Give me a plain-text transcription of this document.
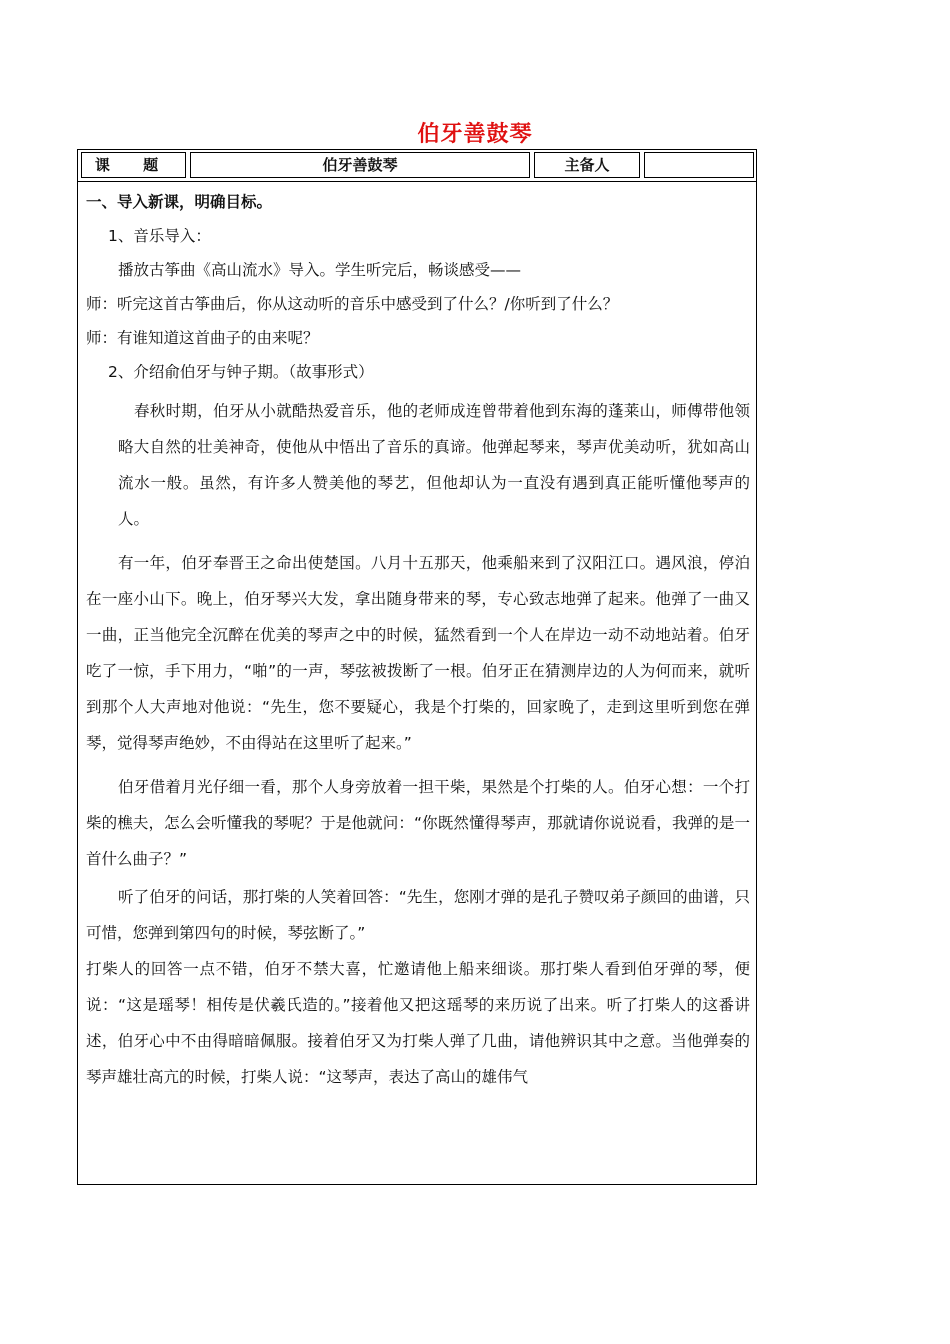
伯牙善鼓琴
课 题	伯牙善鼓琴	主备人
一、导入新课，明确目标。
1、音乐导入：
播放古筝曲《高山流水》导入。学生听完后，畅谈感受——
师：听完这首古筝曲后，你从这动听的音乐中感受到了什么？/你听到了什么？
师：有谁知道这首曲子的由来呢？
2、介绍俞伯牙与钟子期。（故事形式）

春秋时期，伯牙从小就酷热爱音乐，他的老师成连曾带着他到东海的蓬莱山，师傅带他领略大自然的壮美神奇，使他从中悟出了音乐的真谛。他弹起琴来，琴声优美动听，犹如高山流水一般。虽然，有许多人赞美他的琴艺，但他却认为一直没有遇到真正能听懂他琴声的人。

有一年，伯牙奉晋王之命出使楚国。八月十五那天，他乘船来到了汉阳江口。遇风浪，停泊在一座小山下。晚上，伯牙琴兴大发，拿出随身带来的琴，专心致志地弹了起来。他弹了一曲又一曲，正当他完全沉醉在优美的琴声之中的时候，猛然看到一个人在岸边一动不动地站着。伯牙吃了一惊，手下用力，“啪”的一声，琴弦被拨断了一根。伯牙正在猜测岸边的人为何而来，就听到那个人大声地对他说：“先生，您不要疑心，我是个打柴的，回家晚了，走到这里听到您在弹琴，觉得琴声绝妙，不由得站在这里听了起来。”

伯牙借着月光仔细一看，那个人身旁放着一担干柴，果然是个打柴的人。伯牙心想：一个打柴的樵夫，怎么会听懂我的琴呢？于是他就问：“你既然懂得琴声，那就请你说说看，我弹的是一首什么曲子？”

听了伯牙的问话，那打柴的人笑着回答：“先生，您刚才弹的是孔子赞叹弟子颜回的曲谱，只可惜，您弹到第四句的时候，琴弦断了。”

打柴人的回答一点不错，伯牙不禁大喜，忙邀请他上船来细谈。那打柴人看到伯牙弹的琴，便说：“这是瑶琴！相传是伏羲氏造的。”接着他又把这瑶琴的来历说了出来。听了打柴人的这番讲述，伯牙心中不由得暗暗佩服。接着伯牙又为打柴人弹了几曲，请他辨识其中之意。当他弹奏的琴声雄壮高亢的时候，打柴人说：“这琴声，表达了高山的雄伟气
